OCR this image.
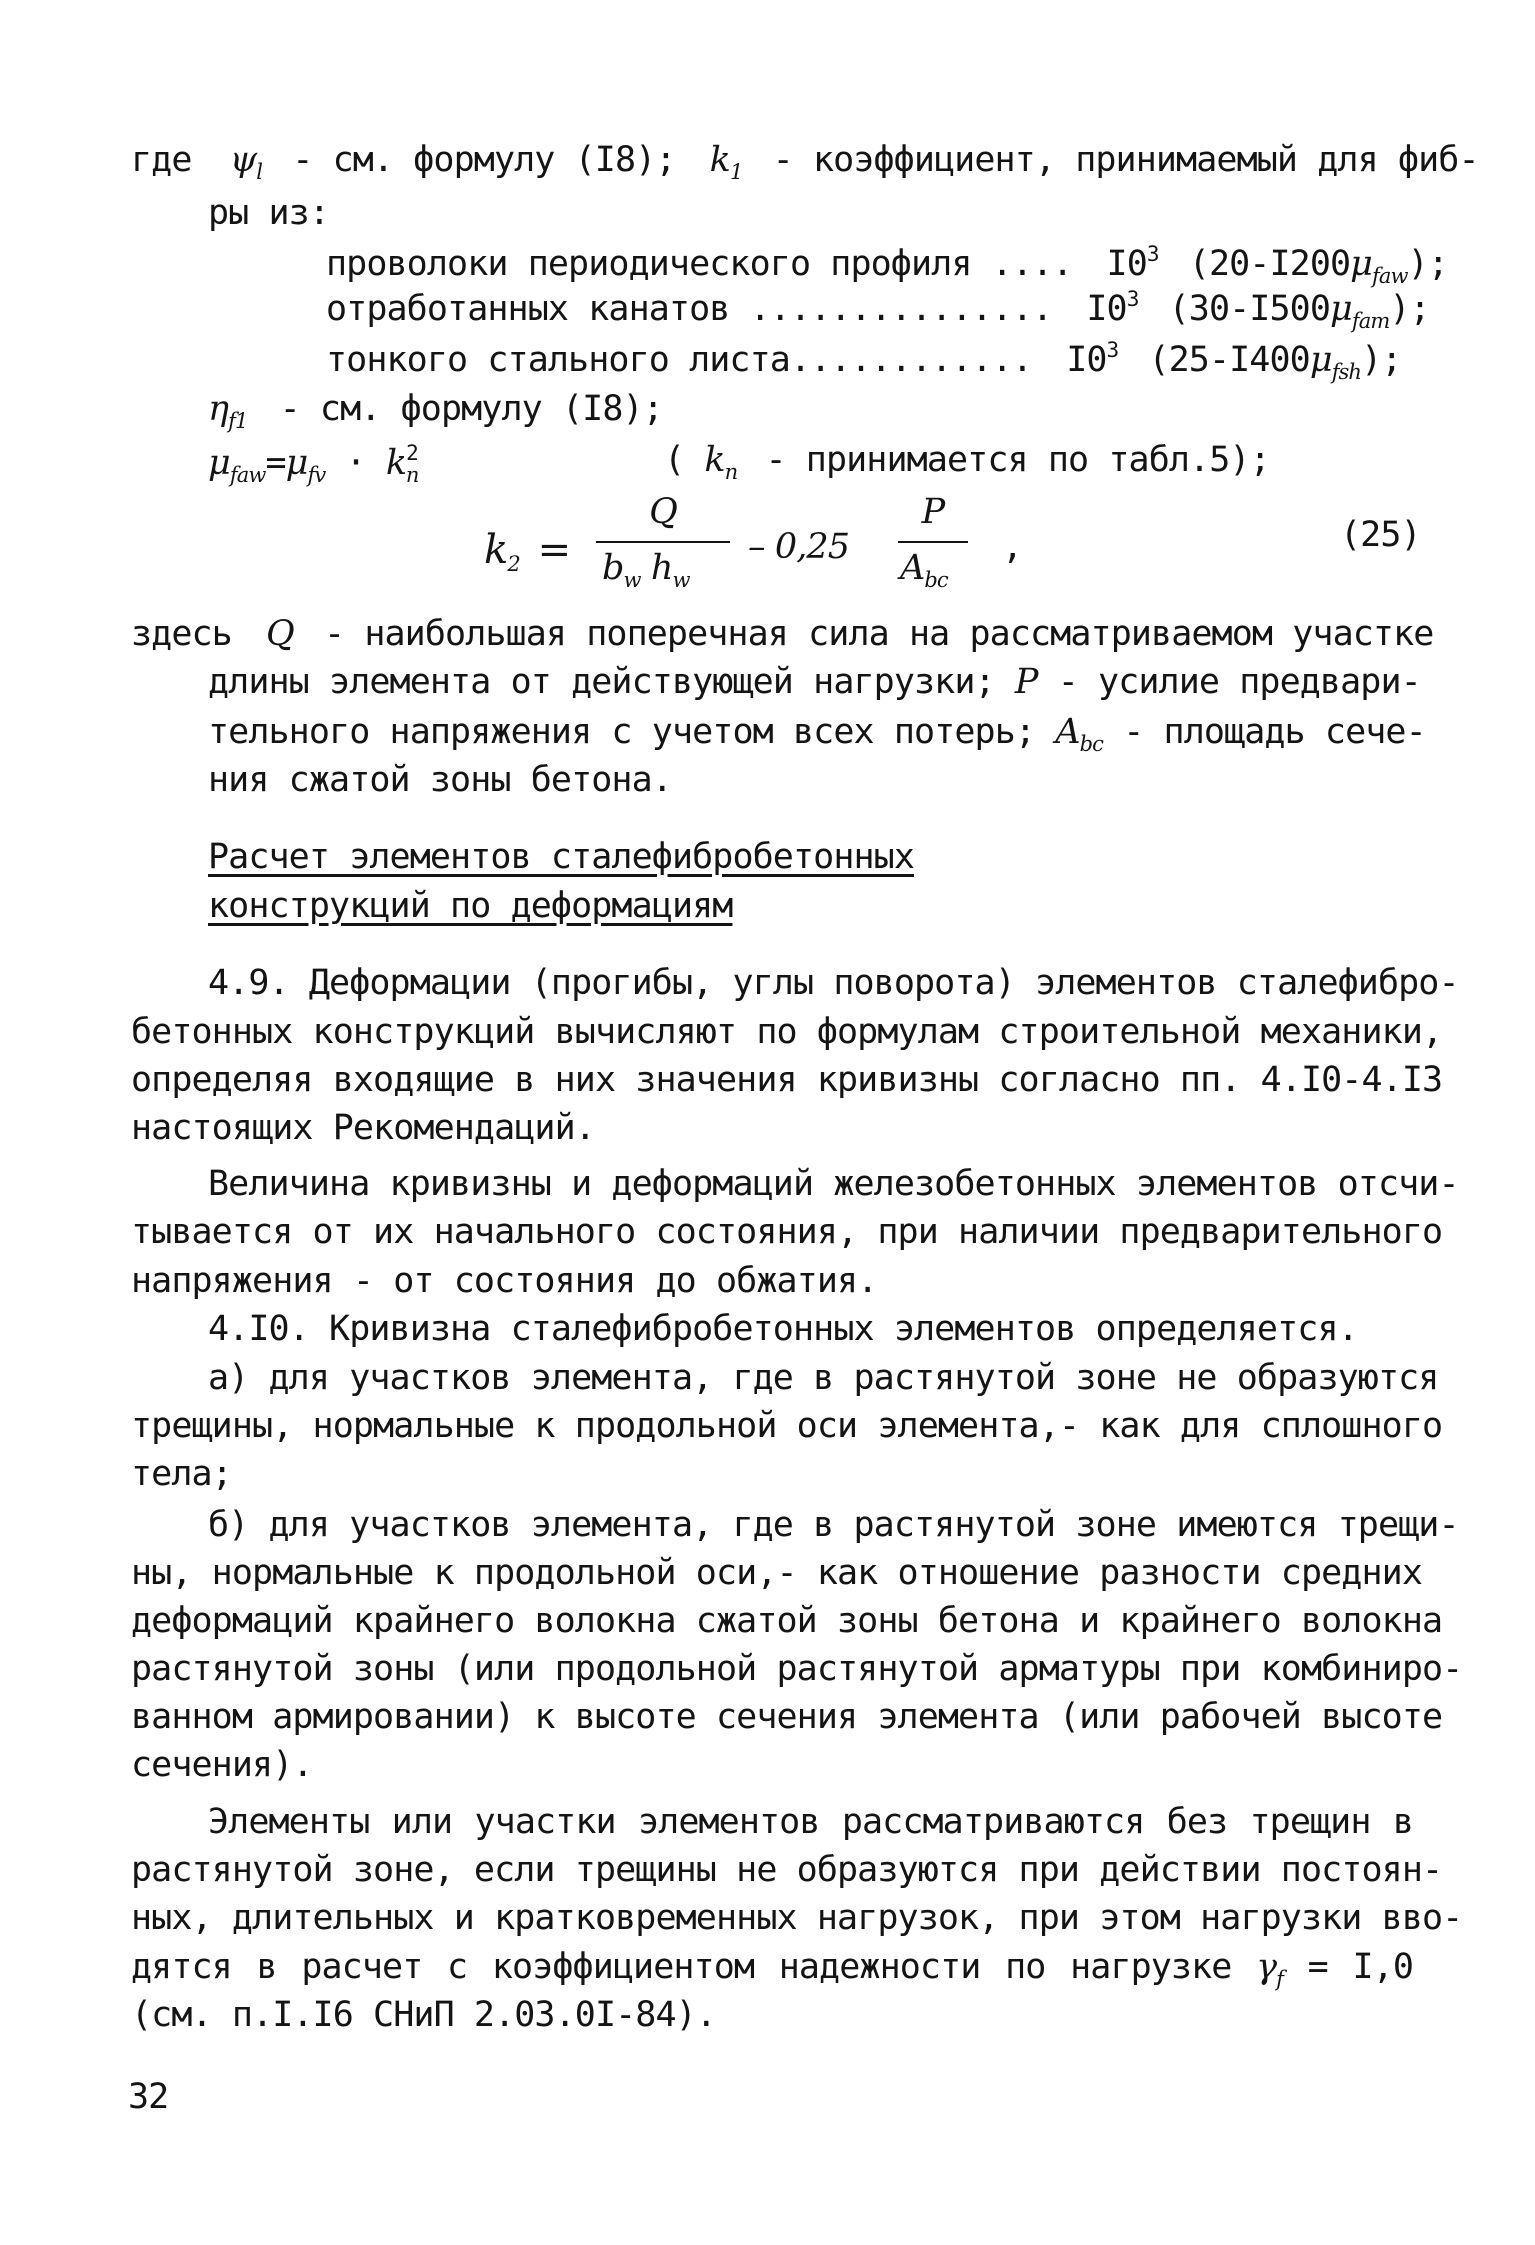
где $\psi_l$ - см. формулу (I8); $k_1$ - коэффициент, принимаемый для фиб-
ры из:
проволоки периодического профиля .... $I0^3$ $(20-I200\mu_{faw})$;
отработанных канатов ............... $I0^3$ $(30-I500\mu_{fam})$;
тонкого стального листа............ $I0^3$ $(25-I400\mu_{fsh})$;
$\eta_{f1}$ - см. формулу (I8);
$\mu_{faw}=\mu_{fv} \cdot k^2_n$	( $k_n$ - принимается по табл.5);
$k_2$ =
Q
$b_w$ $h_w$
– 0,25
P
$A_{bc}$
,	(25)
здесь Q - наибольшая поперечная сила на рассматриваемом участке
длины элемента от действующей нагрузки; P - усилие предвари-
тельного напряжения с учетом всех потерь; $A_{bc}$ - площадь сече-
ния сжатой зоны бетона.
Расчет элементов сталефибробетонных
конструкций по деформациям
4.9. Деформации (прогибы, углы поворота) элементов сталефибро-
бетонных конструкций вычисляют по формулам строительной механики,
определяя входящие в них значения кривизны согласно пп. 4.I0-4.I3
настоящих Рекомендаций.
Величина кривизны и деформаций железобетонных элементов отсчи-
тывается от их начального состояния, при наличии предварительного
напряжения - от состояния до обжатия.
4.I0. Кривизна сталефибробетонных элементов определяется.
а) для участков элемента, где в растянутой зоне не образуются
трещины, нормальные к продольной оси элемента,- как для сплошного
тела;
б) для участков элемента, где в растянутой зоне имеются трещи-
ны, нормальные к продольной оси,- как отношение разности средних
деформаций крайнего волокна сжатой зоны бетона и крайнего волокна
растянутой зоны (или продольной растянутой арматуры при комбиниро-
ванном армировании) к высоте сечения элемента (или рабочей высоте
сечения).
Элементы или участки элементов рассматриваются без трещин в
растянутой зоне, если трещины не образуются при действии постоян-
ных, длительных и кратковременных нагрузок, при этом нагрузки вво-
дятся в расчет с коэффициентом надежности по нагрузке $\gamma_f = I,0$
(см. п.I.I6 СНиП 2.03.0I-84).
32
